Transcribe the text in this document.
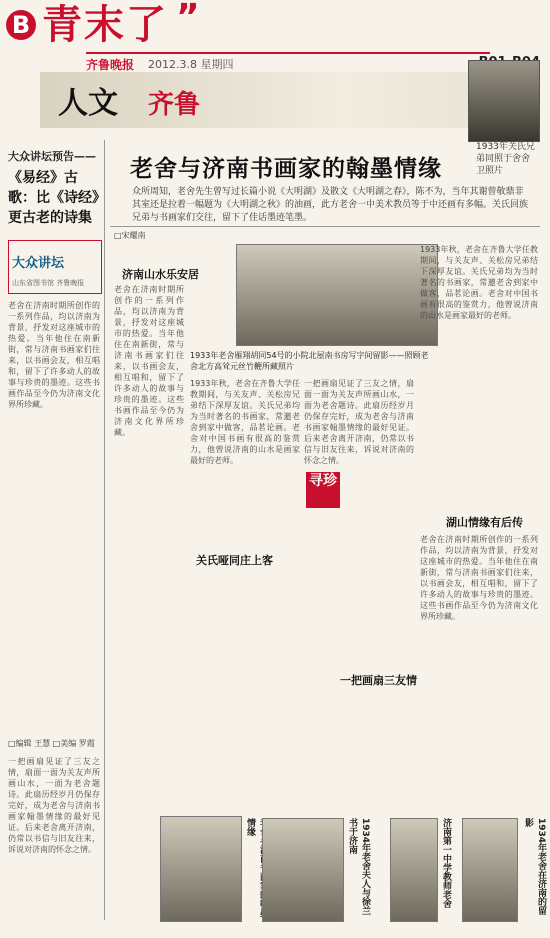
B 青末了 ”
齐鲁晚报 2012.3.8 星期四
人文 齐鲁
1933年关氏兄弟同照于舍舍卫照片
老舍与济南书画家的翰墨情缘
众所周知，老舍先生曾写过长篇小说《大明湖》及散文《大明湖之春》，陈不为，当年其谢曾敬鼎非其室还是拉着一幅题为《大明湖之秋》的油画，此方老舍一中美术教员等于中还画有多幅。关氏回族兄弟与书画家们交往，留下了佳话墨迹笔墨。
大众讲坛预告——
《易经》古歌：比《诗经》更古老的诗集
大众讲坛
山东省图书馆 齐鲁晚报
老舍在济南时期所创作的一系列作品，均以济南为背景，抒发对这座城市的热爱。当年他住在南新街，常与济南书画家们往来，以书画会友，相互唱和，留下了许多动人的故事与珍贵的墨迹。这些书画作品至今仍为济南文化界所珍藏。
□编辑 王慧 □美编 罗霞
一把画扇见证了三友之情，扇面一面为关友声所画山水，一面为老舍题诗。此扇历经岁月仍保存完好，成为老舍与济南书画家翰墨情缘的最好见证。后来老舍离开济南，仍常以书信与旧友往来，诉说对济南的怀念之情。
□宋耀南
济南山水乐安居
老舍在济南时期所创作的一系列作品，均以济南为背景，抒发对这座城市的热爱。当年他住在南新街，常与济南书画家们往来，以书画会友，相互唱和，留下了许多动人的故事与珍贵的墨迹。这些书画作品至今仍为济南文化界所珍藏。
1933年老舍雁翔胡同54号的小院北屋南书房写字间留影——照顾老舍北方高耸元丝竹鞭所藏照片
1933年秋，老舍在齐鲁大学任教期间，与关友声、关松房兄弟结下深厚友谊。关氏兄弟均为当时著名的书画家，常邀老舍到家中做客，品茗论画。老舍对中国书画有很高的鉴赏力，他曾说济南的山水是画家最好的老师。
关氏哑同庄上客
一把画扇见证了三友之情，扇面一面为关友声所画山水，一面为老舍题诗。此扇历经岁月仍保存完好，成为老舍与济南书画家翰墨情缘的最好见证。后来老舍离开济南，仍常以书信与旧友往来，诉说对济南的怀念之情。
一把画扇三友情
1933年秋，老舍在齐鲁大学任教期间，与关友声、关松房兄弟结下深厚友谊。关氏兄弟均为当时著名的书画家，常邀老舍到家中做客，品茗论画。老舍对中国书画有很高的鉴赏力，他曾说济南的山水是画家最好的老师。
湖山情缘有后传
老舍在济南时期所创作的一系列作品，均以济南为背景，抒发对这座城市的热爱。当年他住在南新街，常与济南书画家们往来，以书画会友，相互唱和，留下了许多动人的故事与珍贵的墨迹。这些书画作品至今仍为济南文化界所珍藏。
寻珍
情缘	1934年老舍夫人与徐兰书于济南	济南第一中学教师老舍	1934年老舍在济南的留影
